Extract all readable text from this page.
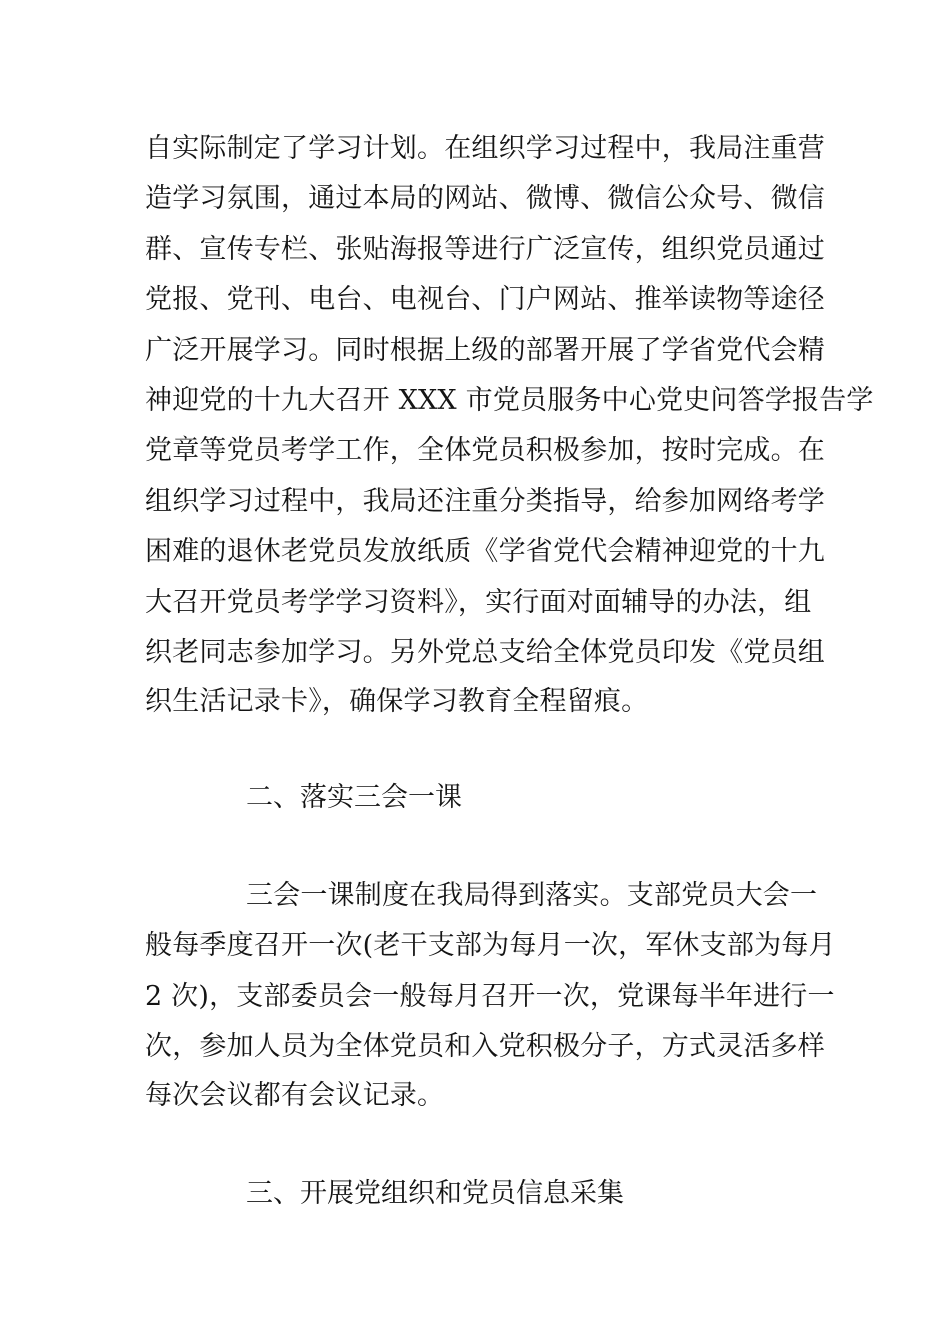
自实际制定了学习计划。在组织学习过程中，我局注重营
造学习氛围，通过本局的网站、微博、微信公众号、微信
群、宣传专栏、张贴海报等进行广泛宣传，组织党员通过
党报、党刊、电台、电视台、门户网站、推举读物等途径
广泛开展学习。同时根据上级的部署开展了学省党代会精
神迎党的十九大召开 XXX 市党员服务中心党史问答学报告学
党章等党员考学工作，全体党员积极参加，按时完成。在
组织学习过程中，我局还注重分类指导，给参加网络考学
困难的退休老党员发放纸质《学省党代会精神迎党的十九
大召开党员考学学习资料》，实行面对面辅导的办法，组
织老同志参加学习。另外党总支给全体党员印发《党员组
织生活记录卡》，确保学习教育全程留痕。
二、落实三会一课
三会一课制度在我局得到落实。支部党员大会一
般每季度召开一次(老干支部为每月一次，军休支部为每月
2 次)，支部委员会一般每月召开一次，党课每半年进行一
次，参加人员为全体党员和入党积极分子，方式灵活多样
每次会议都有会议记录。
三、开展党组织和党员信息采集
